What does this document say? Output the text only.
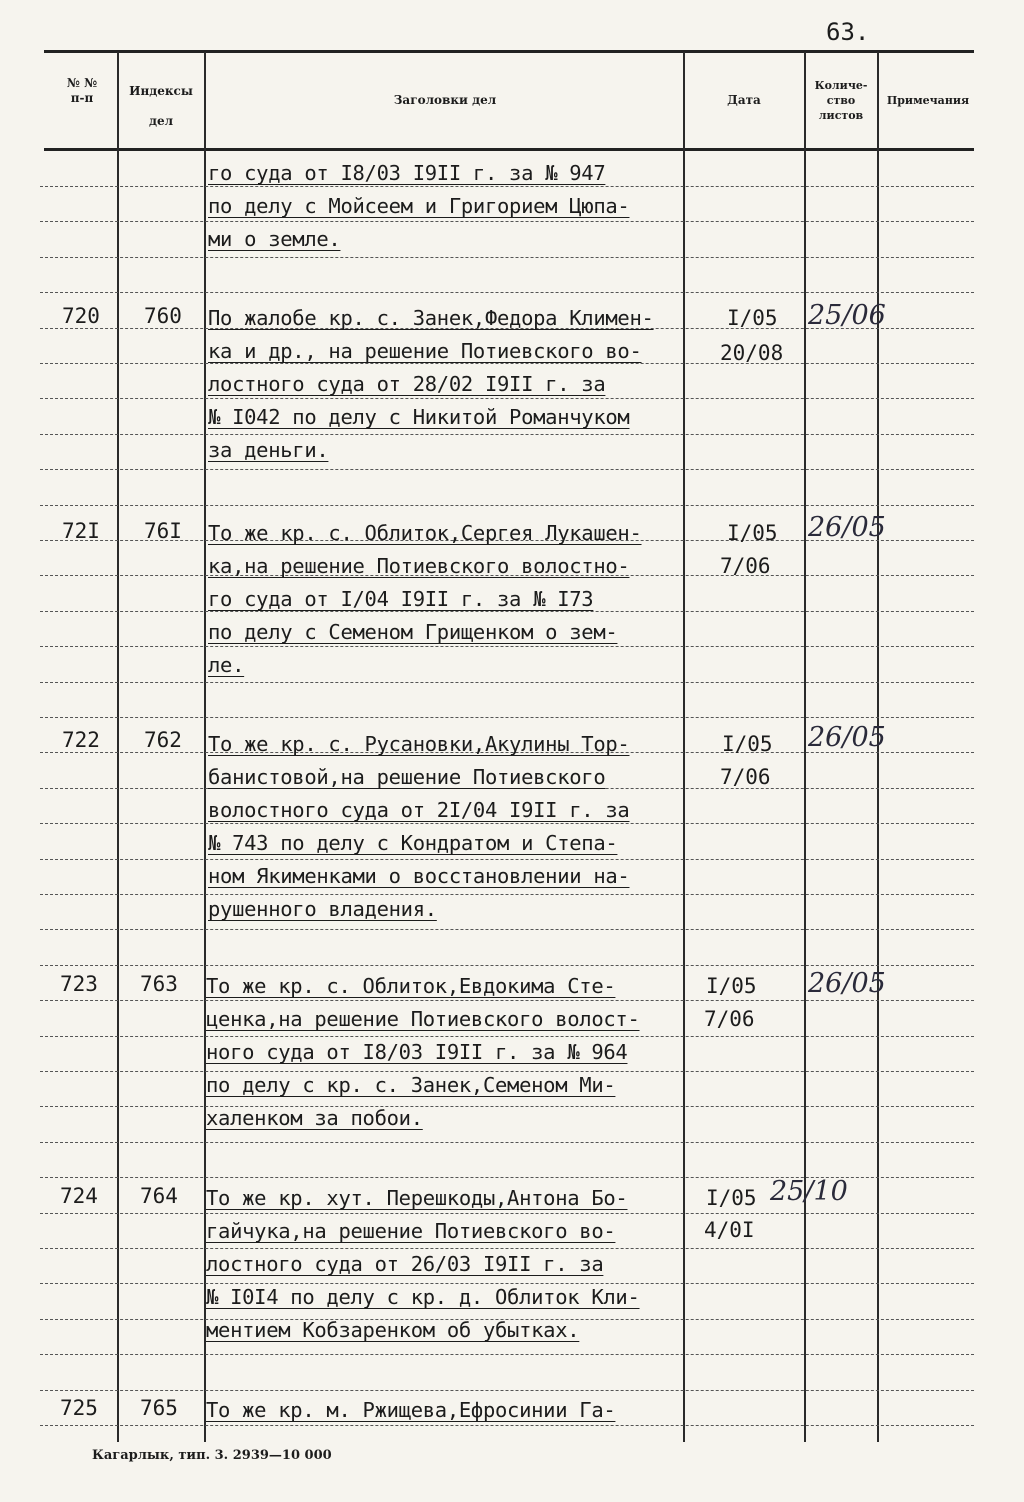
63.
№ №
п-п	Индексы
дел
Заголовки дел	Дата
Количе-
ство
листов
Примечания
го суда от I8/03 I9II г. за № 947
по делу с Мойсеем и Григорием Цюпа-
ми о земле.
720 760 По жалобе кр. с. Занек,Федора Климен-
ка и др., на решение Потиевского во-
лостного суда от 28/02 I9II г. за
№ I042 по делу с Никитой Романчуком
за деньги.
I/05
20/08
25/06
72I 76I То же кр. с. Облиток,Сергея Лукашен-
ка,на решение Потиевского волостно-
го суда от I/04 I9II г. за № I73
по делу с Семеном Грищенком о зем-
ле.
I/05
7/06
26/05
722 762 То же кр. с. Русановки,Акулины Тор-
банистовой,на решение Потиевского
волостного суда от 2I/04 I9II г. за
№ 743 по делу с Кондратом и Степа-
ном Якименками о восстановлении на-
рушенного владения.
I/05
7/06
26/05
723 763 То же кр. с. Облиток,Евдокима Сте-
ценка,на решение Потиевского волост-
ного суда от I8/03 I9II г. за № 964
по делу с кр. с. Занек,Семеном Ми-
халенком за побои.
I/05
7/06
26/05
724 764 То же кр. хут. Перешкоды,Антона Бо-
гайчука,на решение Потиевского во-
лостного суда от 26/03 I9II г. за
№ I0I4 по делу с кр. д. Облиток Кли-
ментием Кобзаренком об убытках.
I/05
4/0I
25/10
725 765 То же кр. м. Ржищева,Ефросинии Га-
Кагарлык, тип. 3. 2939—10 000
